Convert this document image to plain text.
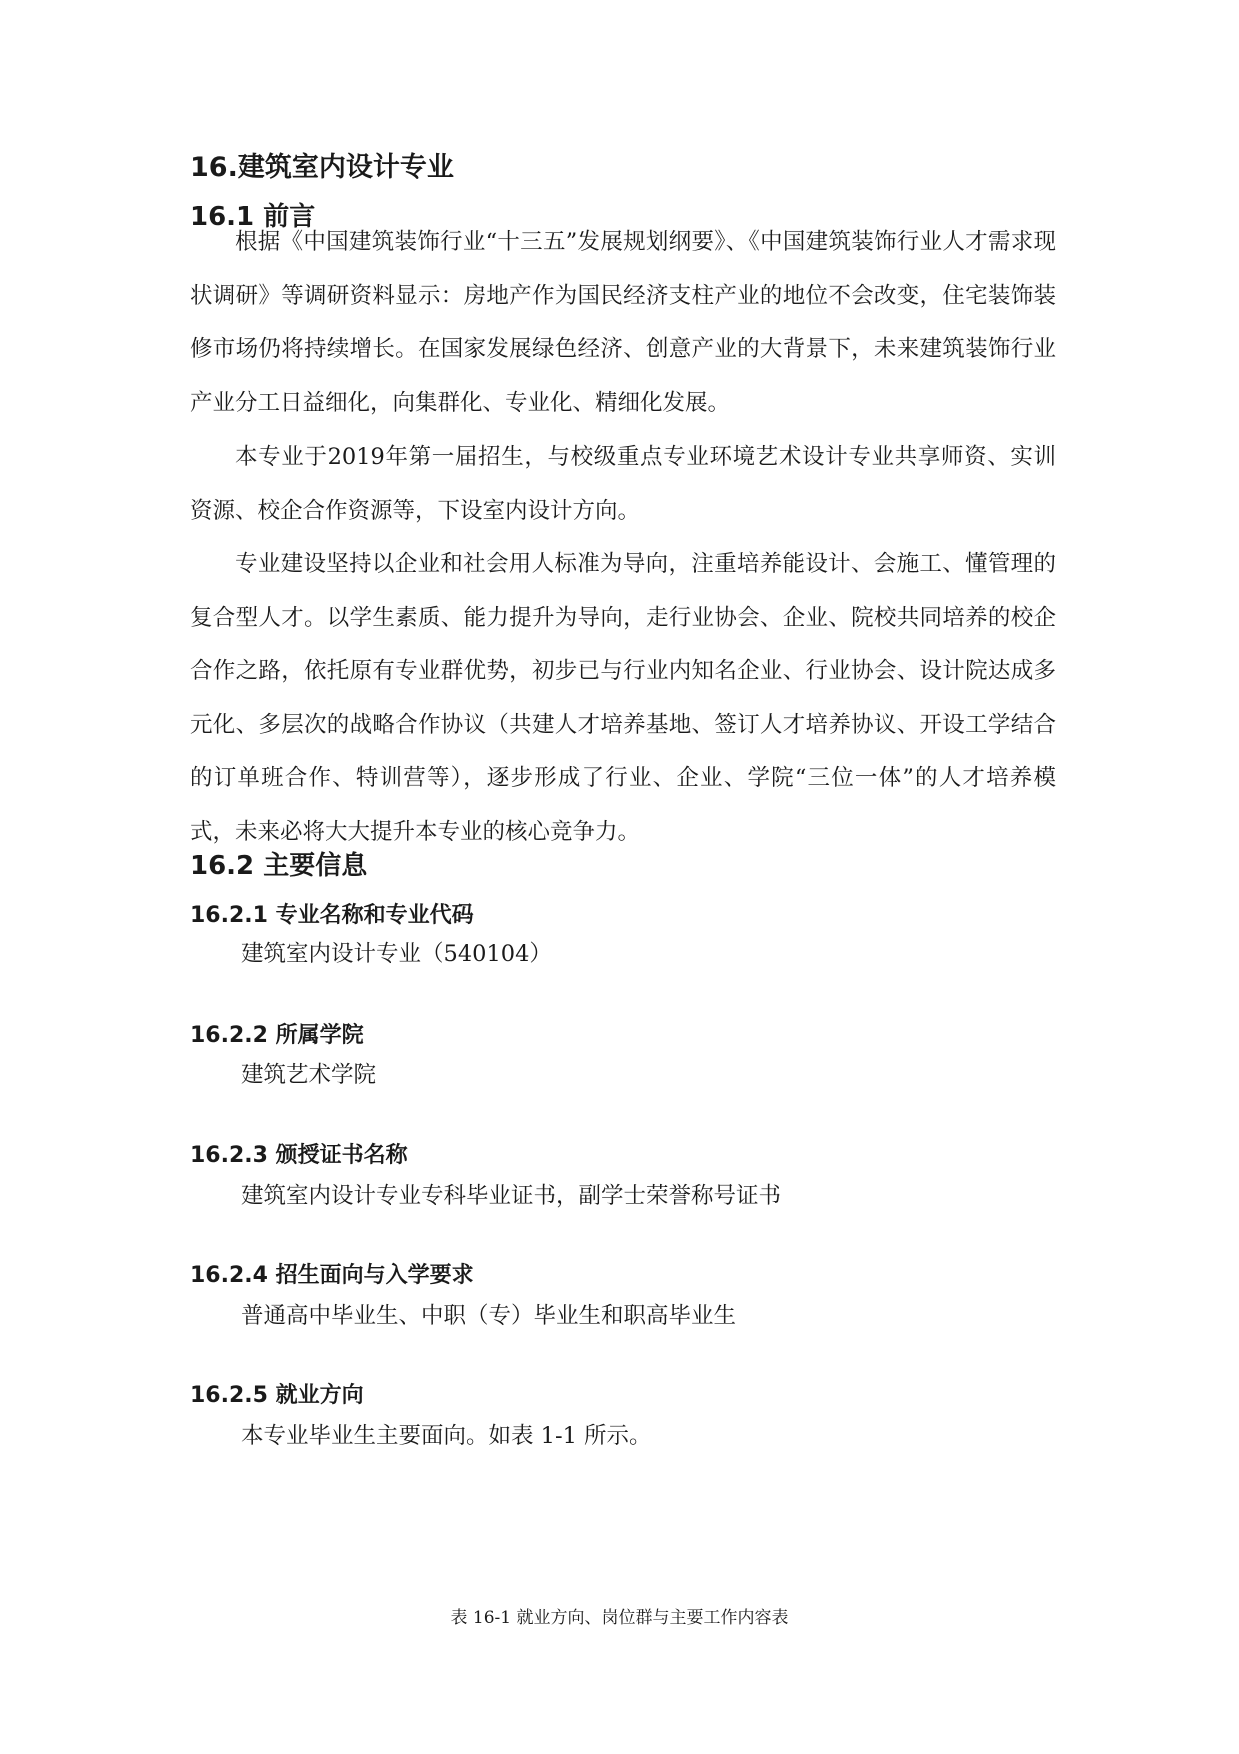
16.建筑室内设计专业
16.1 前言

根据《中国建筑装饰行业“十三五”发展规划纲要》、《中国建筑装饰行业人才需求现状调研》等调研资料显示：房地产作为国民经济支柱产业的地位不会改变，住宅装饰装修市场仍将持续增长。在国家发展绿色经济、创意产业的大背景下，未来建筑装饰行业产业分工日益细化，向集群化、专业化、精细化发展。

本专业于2019年第一届招生，与校级重点专业环境艺术设计专业共享师资、实训资源、校企合作资源等，下设室内设计方向。

专业建设坚持以企业和社会用人标准为导向，注重培养能设计、会施工、懂管理的复合型人才。以学生素质、能力提升为导向，走行业协会、企业、院校共同培养的校企合作之路，依托原有专业群优势，初步已与行业内知名企业、行业协会、设计院达成多元化、多层次的战略合作协议（共建人才培养基地、签订人才培养协议、开设工学结合的订单班合作、特训营等），逐步形成了行业、企业、学院“三位一体”的人才培养模式，未来必将大大提升本专业的核心竞争力。

16.2 主要信息
16.2.1 专业名称和专业代码
建筑室内设计专业（540104）
16.2.2 所属学院
建筑艺术学院
16.2.3 颁授证书名称
建筑室内设计专业专科毕业证书，副学士荣誉称号证书
16.2.4 招生面向与入学要求
普通高中毕业生、中职（专）毕业生和职高毕业生
16.2.5 就业方向
本专业毕业生主要面向。如表 1-1 所示。
表 16-1 就业方向、岗位群与主要工作内容表
